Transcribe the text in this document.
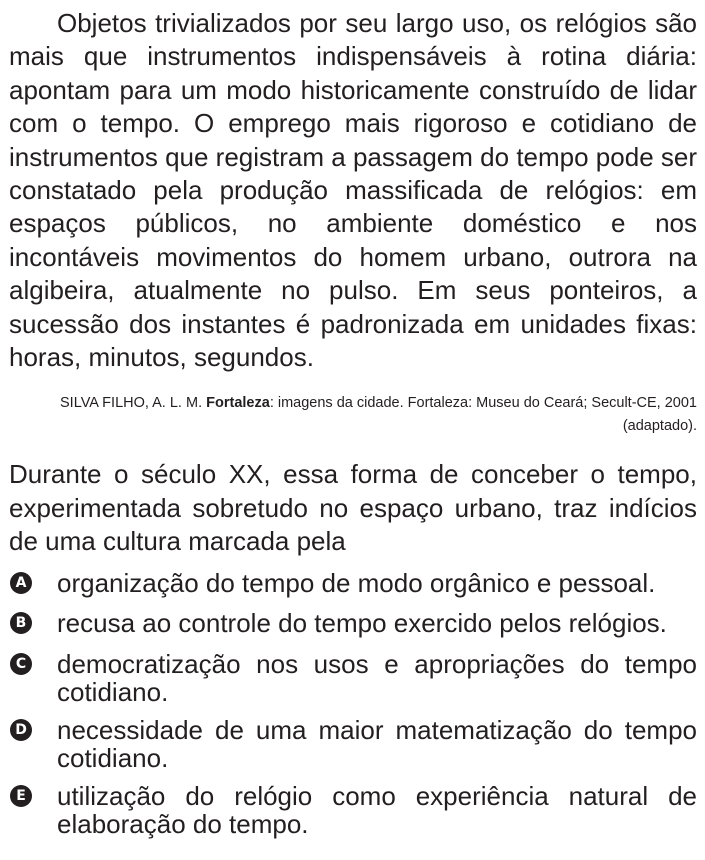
Objetos trivializados por seu largo uso, os relógios são mais que instrumentos indispensáveis à rotina diária: apontam para um modo historicamente construído de lidar com o tempo. O emprego mais rigoroso e cotidiano de instrumentos que registram a passagem do tempo pode ser constatado pela produção massificada de relógios: em espaços públicos, no ambiente doméstico e nos incontáveis movimentos do homem urbano, outrora na algibeira, atualmente no pulso. Em seus ponteiros, a sucessão dos instantes é padronizada em unidades fixas: horas, minutos, segundos.

SILVA FILHO, A. L. M. Fortaleza: imagens da cidade. Fortaleza: Museu do Ceará; Secult-CE, 2001 (adaptado).

Durante o século XX, essa forma de conceber o tempo, experimentada sobretudo no espaço urbano, traz indícios de uma cultura marcada pela

A organização do tempo de modo orgânico e pessoal.
B recusa ao controle do tempo exercido pelos relógios.
C democratização nos usos e apropriações do tempo cotidiano.
D necessidade de uma maior matematização do tempo cotidiano.
E utilização do relógio como experiência natural de elaboração do tempo.
